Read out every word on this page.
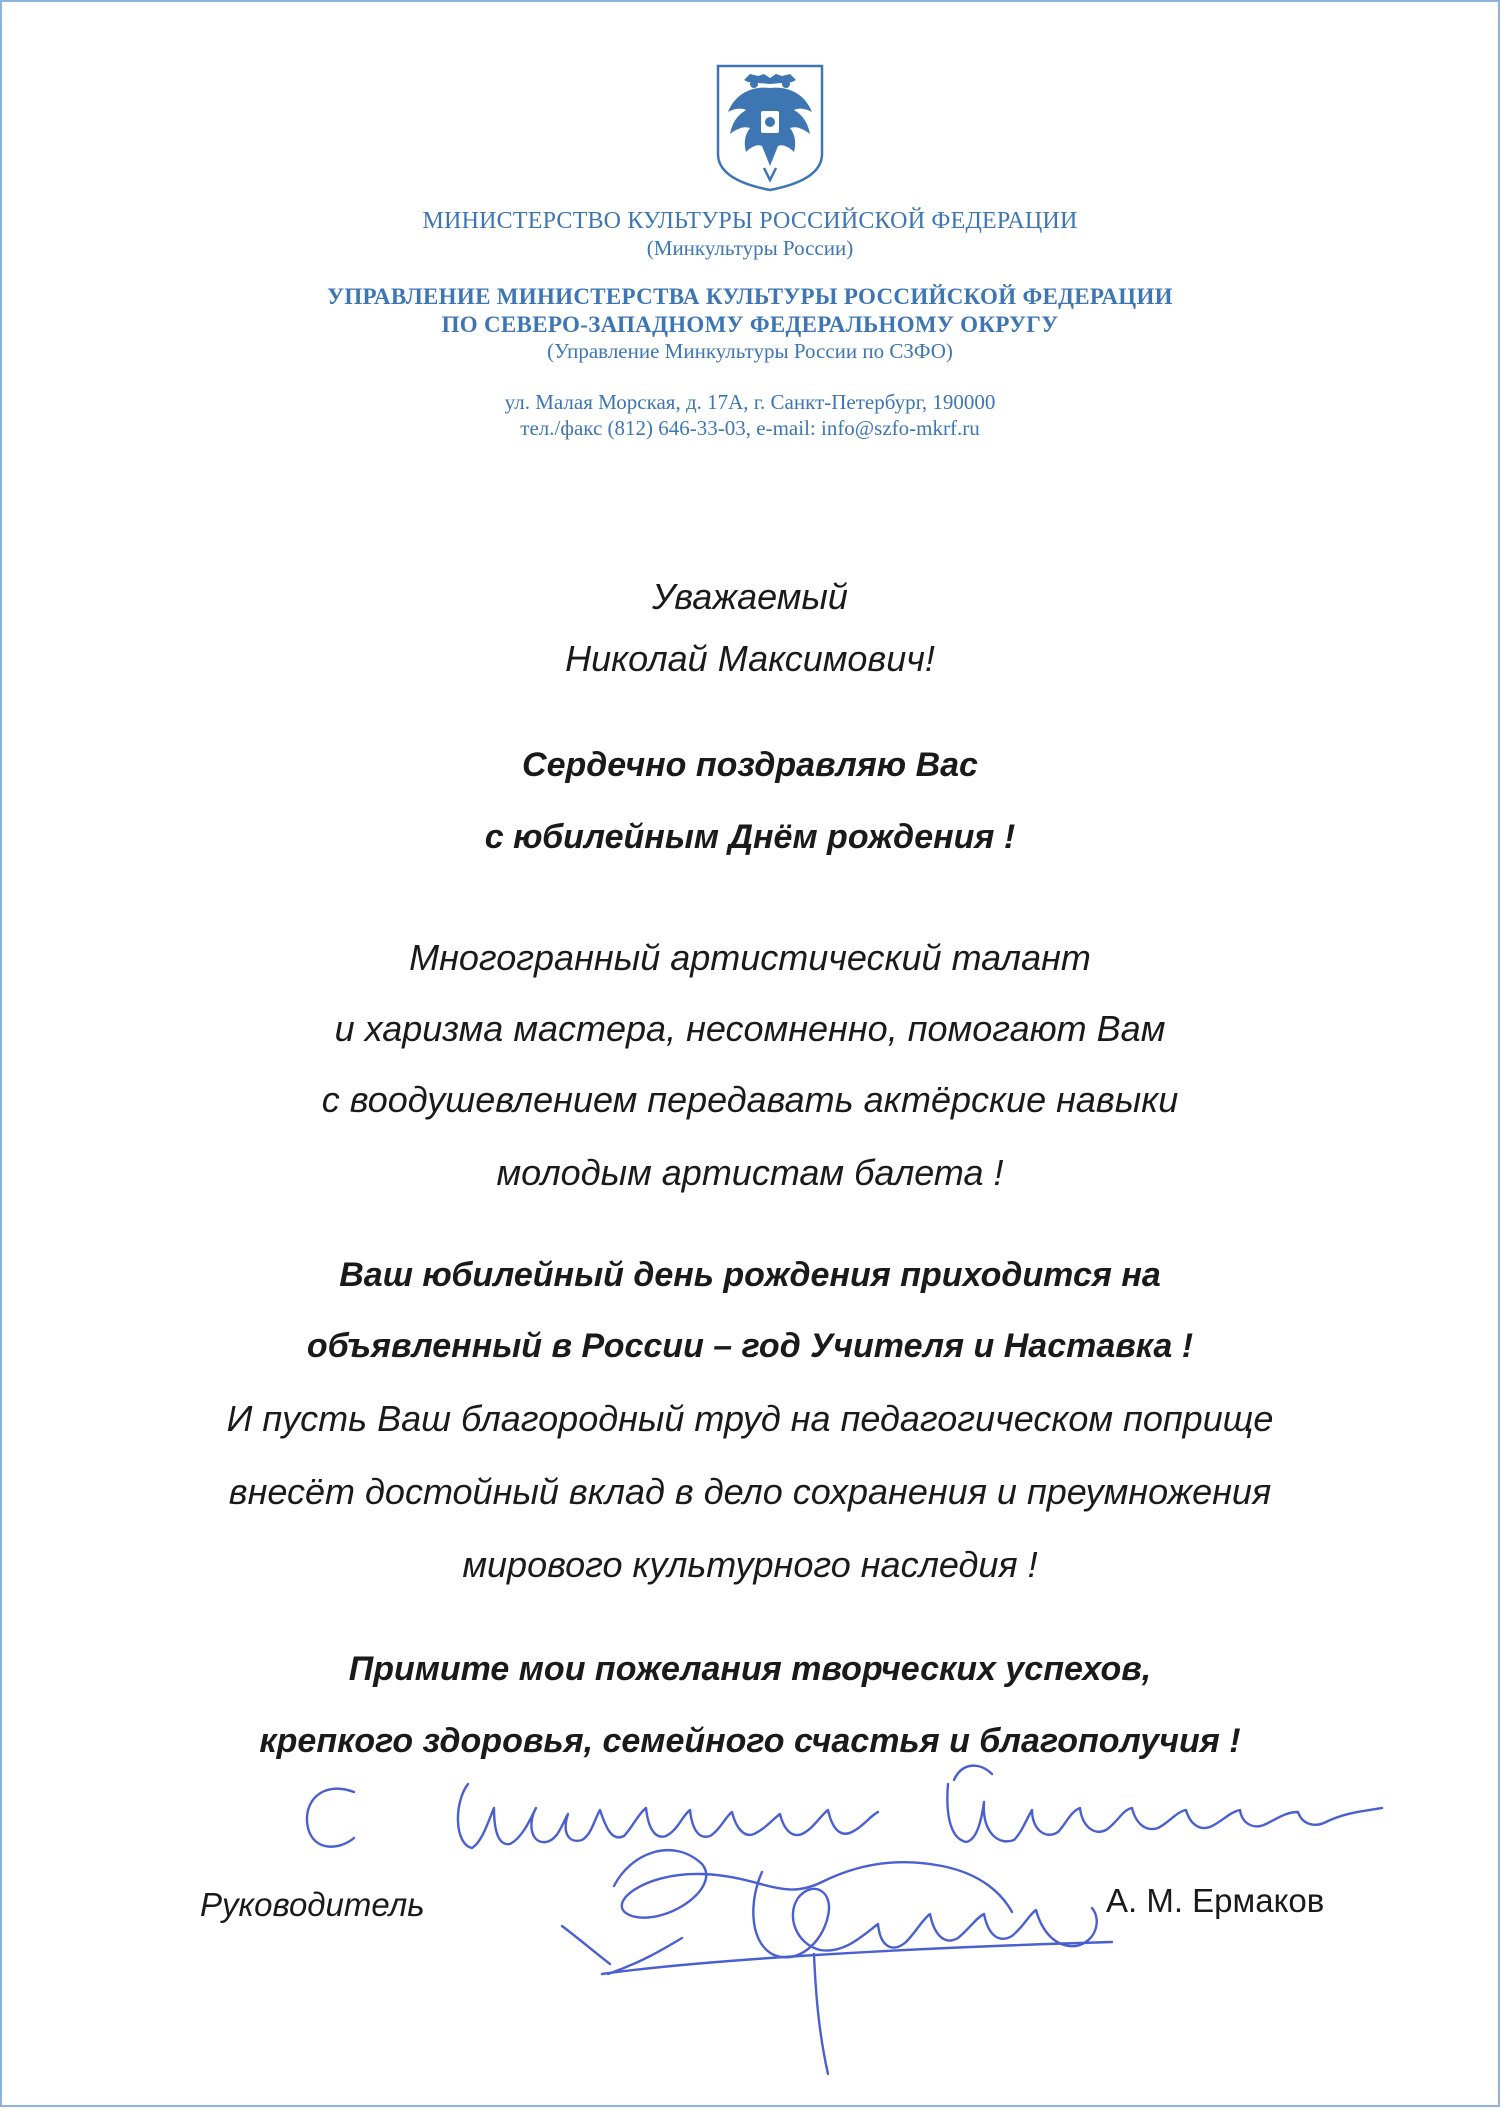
МИНИСТЕРСТВО КУЛЬТУРЫ РОССИЙСКОЙ ФЕДЕРАЦИИ
(Минкультуры России)
УПРАВЛЕНИЕ МИНИСТЕРСТВА КУЛЬТУРЫ РОССИЙСКОЙ ФЕДЕРАЦИИ
ПО СЕВЕРО-ЗАПАДНОМУ ФЕДЕРАЛЬНОМУ ОКРУГУ
(Управление Минкультуры России по СЗФО)
ул. Малая Морская, д. 17А, г. Санкт-Петербург, 190000
тел./факс (812) 646-33-03, e-mail: info@szfo-mkrf.ru
Уважаемый
Николай Максимович!
Сердечно поздравляю Вас
с юбилейным Днём рождения !
Многогранный артистический талант
и харизма мастера, несомненно, помогают Вам
с воодушевлением передавать актёрские навыки
молодым артистам балета !
Ваш юбилейный день рождения приходится на
объявленный в России – год Учителя и Наставка !
И пусть Ваш благородный труд на педагогическом поприще
внесёт достойный вклад в дело сохранения и преумножения
мирового культурного наследия !
Примите мои пожелания творческих успехов,
крепкого здоровья, семейного счастья и благополучия !
Руководитель	А. М. Ермаков
